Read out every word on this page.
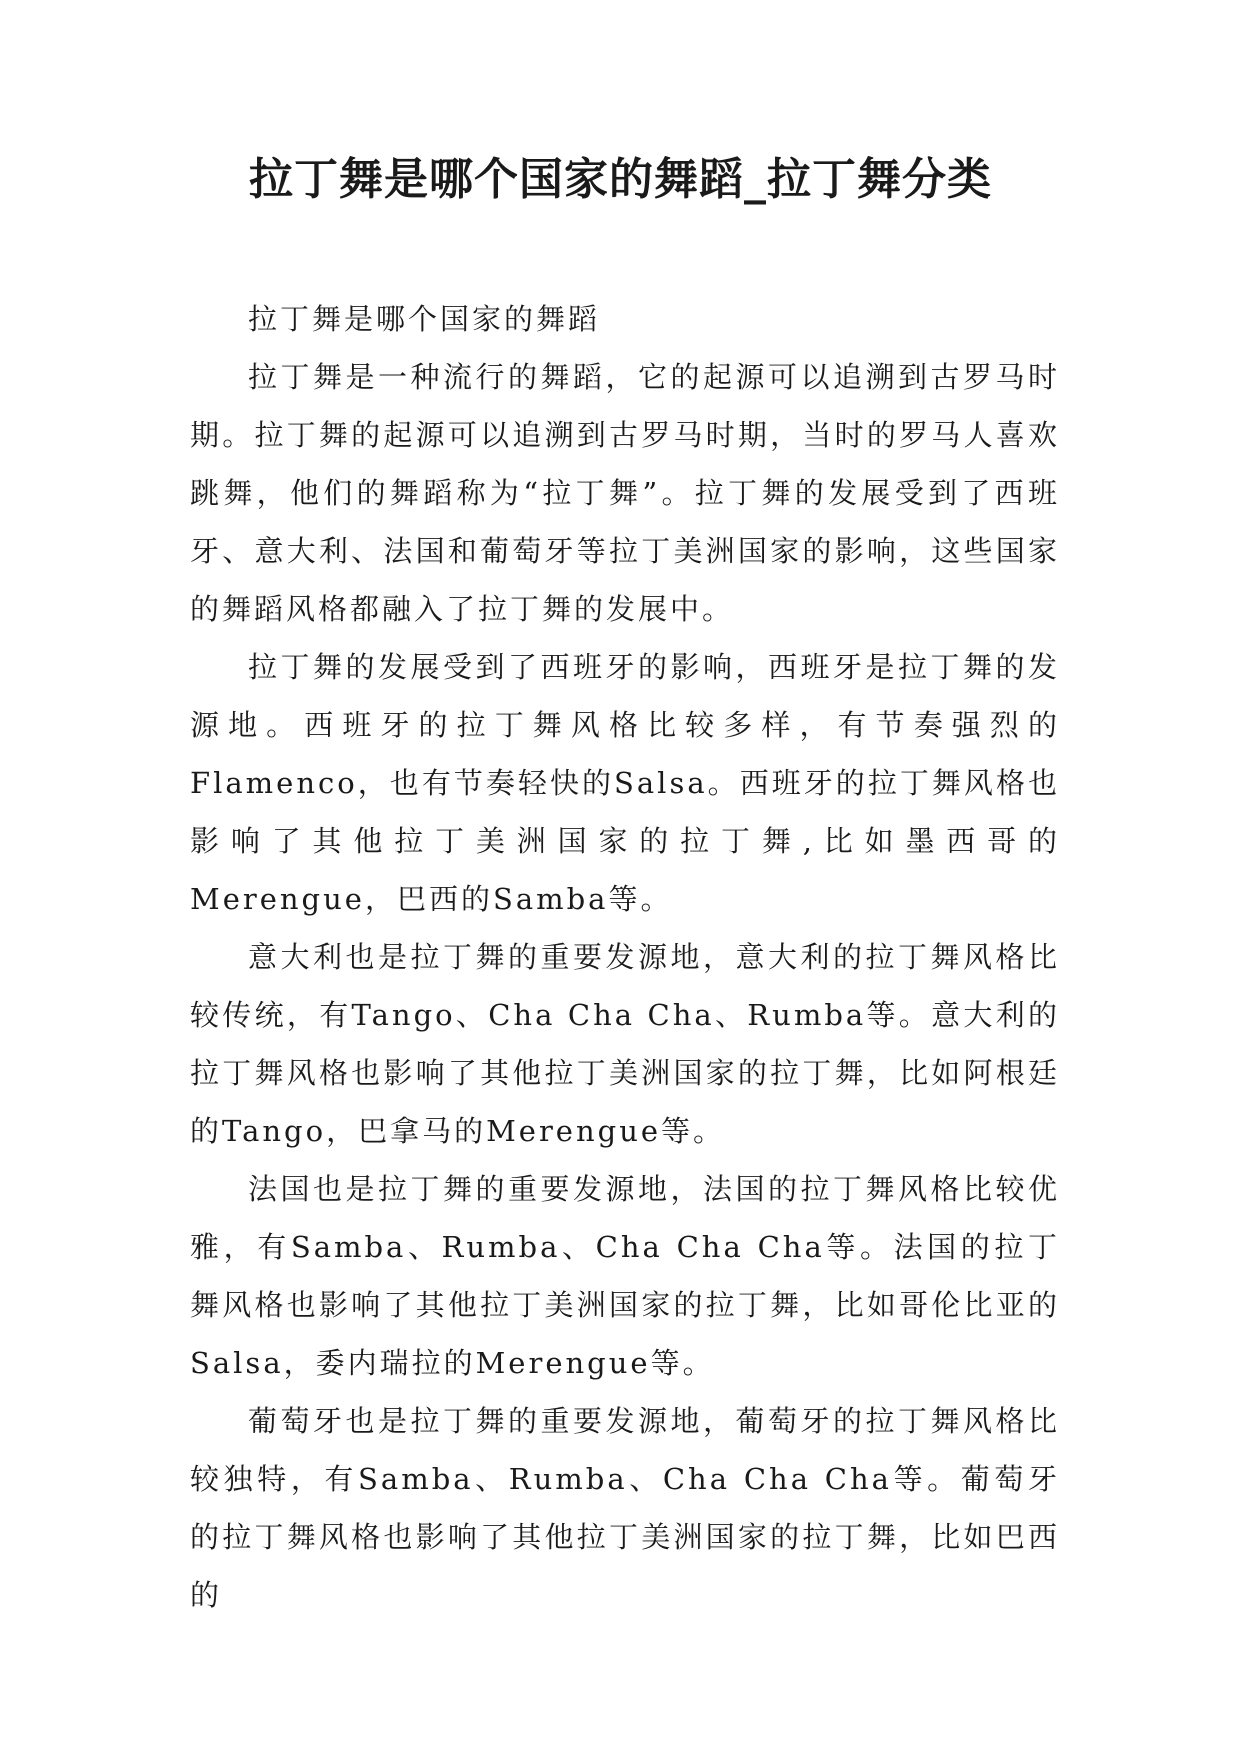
拉丁舞是哪个国家的舞蹈_拉丁舞分类

拉丁舞是哪个国家的舞蹈

拉丁舞是一种流行的舞蹈，它的起源可以追溯到古罗马时期。拉丁舞的起源可以追溯到古罗马时期，当时的罗马人喜欢跳舞，他们的舞蹈称为“拉丁舞”。拉丁舞的发展受到了西班牙、意大利、法国和葡萄牙等拉丁美洲国家的影响，这些国家的舞蹈风格都融入了拉丁舞的发展中。

拉丁舞的发展受到了西班牙的影响，西班牙是拉丁舞的发源地。西班牙的拉丁舞风格比较多样，有节奏强烈的Flamenco，也有节奏轻快的Salsa。西班牙的拉丁舞风格也影响了其他拉丁美洲国家的拉丁舞,比如墨西哥的Merengue，巴西的Samba等。

意大利也是拉丁舞的重要发源地，意大利的拉丁舞风格比较传统，有Tango、Cha Cha Cha、Rumba等。意大利的拉丁舞风格也影响了其他拉丁美洲国家的拉丁舞，比如阿根廷的Tango，巴拿马的Merengue等。

法国也是拉丁舞的重要发源地，法国的拉丁舞风格比较优雅，有Samba、Rumba、Cha Cha Cha等。法国的拉丁舞风格也影响了其他拉丁美洲国家的拉丁舞，比如哥伦比亚的Salsa，委内瑞拉的Merengue等。

葡萄牙也是拉丁舞的重要发源地，葡萄牙的拉丁舞风格比较独特，有Samba、Rumba、Cha Cha Cha等。葡萄牙的拉丁舞风格也影响了其他拉丁美洲国家的拉丁舞，比如巴西的
